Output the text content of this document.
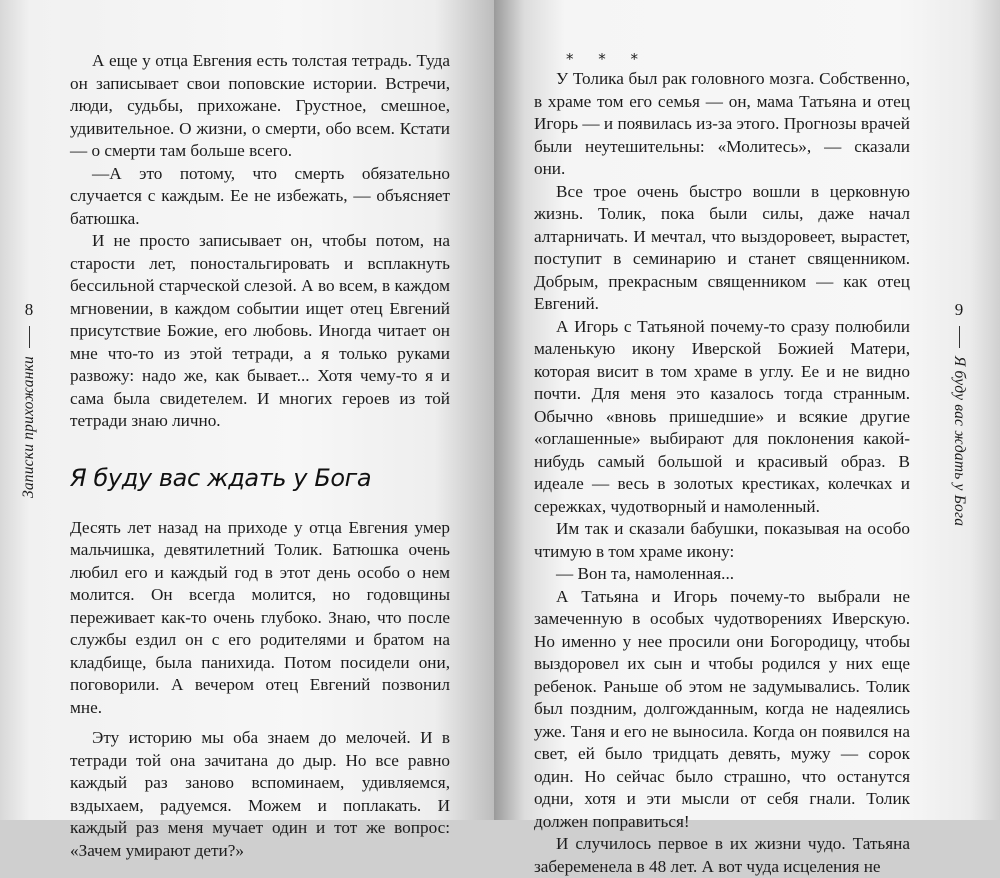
8
Записки прихожанки

А еще у отца Евгения есть толстая тетрадь. Туда он записывает свои поповские истории. Встречи, люди, судьбы, прихожане. Грустное, смешное, удивительное. О жизни, о смерти, обо всем. Кстати — о смерти там больше всего.

—А это потому, что смерть обязательно случается с каждым. Ее не избежать, — объясняет батюшка.

И не просто записывает он, чтобы потом, на старости лет, поностальгировать и всплакнуть бессильной старческой слезой. А во всем, в каждом мгновении, в каждом событии ищет отец Евгений присутствие Божие, его любовь. Иногда читает он мне что-то из этой тетради, а я только руками развожу: надо же, как бывает... Хотя чему-то я и сама была свидетелем. И многих героев из той тетради знаю лично.

Я буду вас ждать у Бога

Десять лет назад на приходе у отца Евгения умер мальчишка, девятилетний Толик. Батюшка очень любил его и каждый год в этот день особо о нем молится. Он всегда молится, но годовщины переживает как-то очень глубоко. Знаю, что после службы ездил он с его родителями и братом на кладбище, была панихида. Потом посидели они, поговорили. А вечером отец Евгений позвонил мне.

Эту историю мы оба знаем до мелочей. И в тетради той она зачитана до дыр. Но все равно каждый раз заново вспоминаем, удивляемся, вздыхаем, радуемся. Можем и поплакать. И каждый раз меня мучает один и тот же вопрос: «Зачем умирают дети?»

* * *

У Толика был рак головного мозга. Собственно, в храме том его семья — он, мама Татьяна и отец Игорь — и появилась из-за этого. Прогнозы врачей были неутешительны: «Молитесь», — сказали они.

Все трое очень быстро вошли в церковную жизнь. Толик, пока были силы, даже начал алтарничать. И мечтал, что выздоровеет, вырастет, поступит в семинарию и станет священником. Добрым, прекрасным священником — как отец Евгений.

А Игорь с Татьяной почему-то сразу полюбили маленькую икону Иверской Божией Матери, которая висит в том храме в углу. Ее и не видно почти. Для меня это казалось тогда странным. Обычно «вновь пришедшие» и всякие другие «оглашенные» выбирают для поклонения какой-нибудь самый большой и красивый образ. В идеале — весь в золотых крестиках, колечках и сережках, чудотворный и намоленный.

Им так и сказали бабушки, показывая на особо чтимую в том храме икону:

— Вон та, намоленная...

А Татьяна и Игорь почему-то выбрали не замеченную в особых чудотворениях Иверскую. Но именно у нее просили они Богородицу, чтобы выздоровел их сын и чтобы родился у них еще ребенок. Раньше об этом не задумывались. Толик был поздним, долгожданным, когда не надеялись уже. Таня и его не выносила. Когда он появился на свет, ей было тридцать девять, мужу — сорок один. Но сейчас было страшно, что останутся одни, хотя и эти мысли от себя гнали. Толик должен поправиться!

И случилось первое в их жизни чудо. Татьяна забеременела в 48 лет. А вот чуда исцеления не

9
Я буду вас ждать у Бога
